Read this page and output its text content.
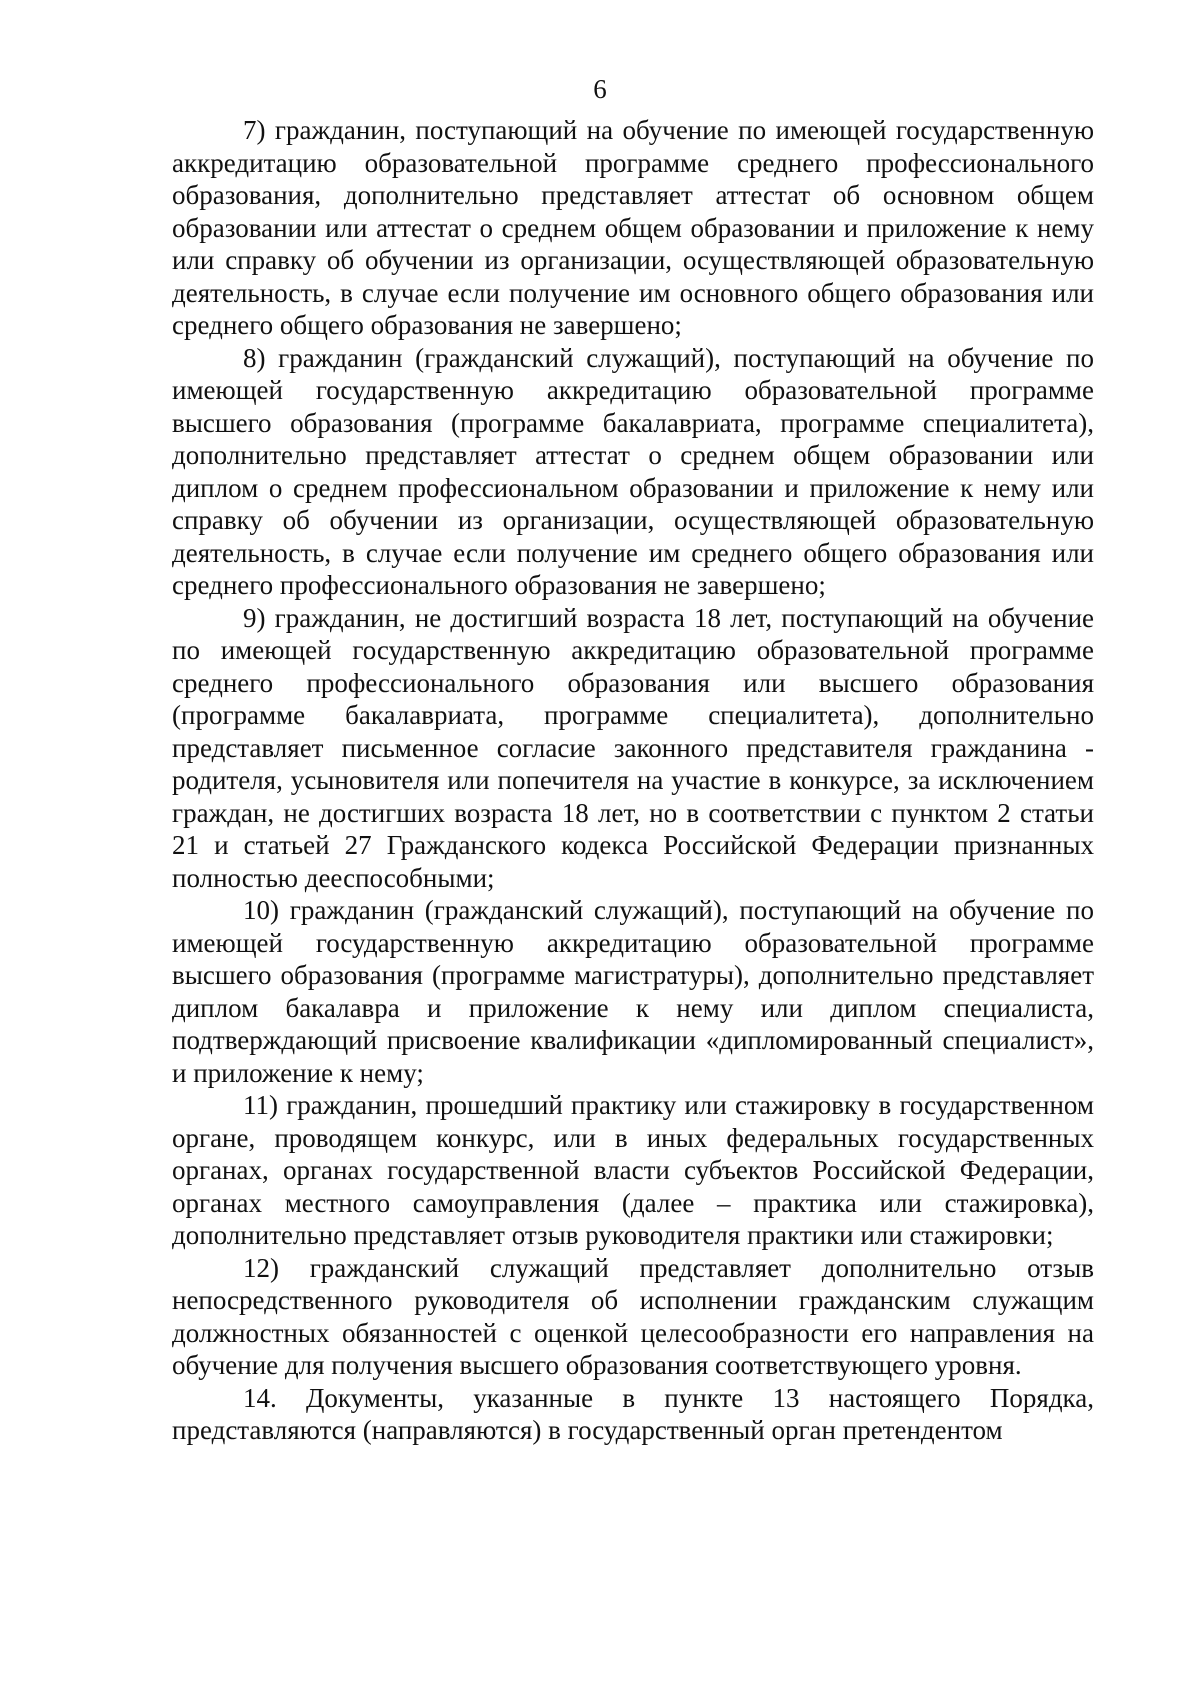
6

7) гражданин, поступающий на обучение по имеющей государственную аккредитацию образовательной программе среднего профессионального образования, дополнительно представляет аттестат об основном общем образовании или аттестат о среднем общем образовании и приложение к нему или справку об обучении из организации, осуществляющей образовательную деятельность, в случае если получение им основного общего образования или среднего общего образования не завершено;

8) гражданин (гражданский служащий), поступающий на обучение по имеющей государственную аккредитацию образовательной программе высшего образования (программе бакалавриата, программе специалитета), дополнительно представляет аттестат о среднем общем образовании или диплом о среднем профессиональном образовании и приложение к нему или справку об обучении из организации, осуществляющей образовательную деятельность, в случае если получение им среднего общего образования или среднего профессионального образования не завершено;

9) гражданин, не достигший возраста 18 лет, поступающий на обучение по имеющей государственную аккредитацию образовательной программе среднего профессионального образования или высшего образования (программе бакалавриата, программе специалитета), дополнительно представляет письменное согласие законного представителя гражданина - родителя, усыновителя или попечителя на участие в конкурсе, за исключением граждан, не достигших возраста 18 лет, но в соответствии с пунктом 2 статьи 21 и статьей 27 Гражданского кодекса Российской Федерации признанных полностью дееспособными;

10) гражданин (гражданский служащий), поступающий на обучение по имеющей государственную аккредитацию образовательной программе высшего образования (программе магистратуры), дополнительно представляет диплом бакалавра и приложение к нему или диплом специалиста, подтверждающий присвоение квалификации «дипломированный специалист», и приложение к нему;

11) гражданин, прошедший практику или стажировку в государственном органе, проводящем конкурс, или в иных федеральных государственных органах, органах государственной власти субъектов Российской Федерации, органах местного самоуправления (далее – практика или стажировка), дополнительно представляет отзыв руководителя практики или стажировки;

12) гражданский служащий представляет дополнительно отзыв непосредственного руководителя об исполнении гражданским служащим должностных обязанностей с оценкой целесообразности его направления на обучение для получения высшего образования соответствующего уровня.

14. Документы, указанные в пункте 13 настоящего Порядка, представляются (направляются) в государственный орган претендентом
